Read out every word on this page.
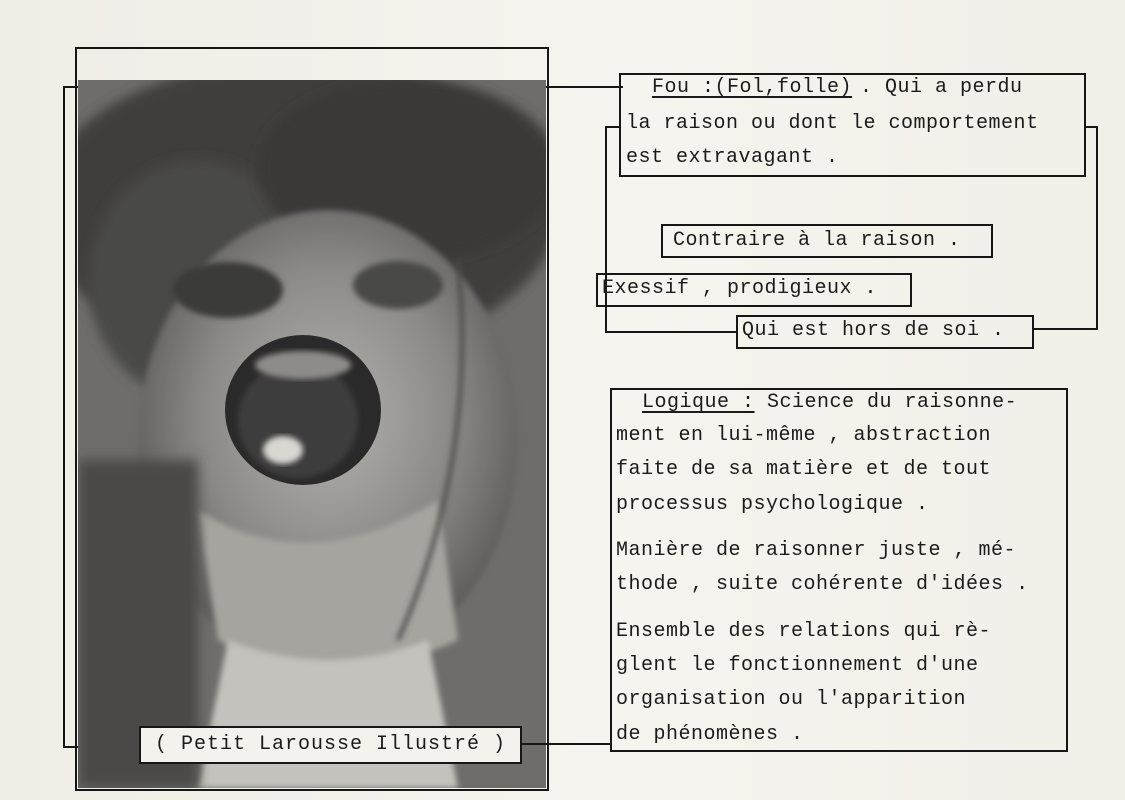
( Petit Larousse Illustré )
Fou :(Fol,folle) . Qui a perdu
la raison ou dont le comportement
est extravagant .
Contraire à la raison .
Exessif , prodigieux .
Qui est hors de soi .
Logique : Science du raisonne-
ment en lui-même , abstraction
faite de sa matière et de tout
processus psychologique .
Manière de raisonner juste , mé-
thode , suite cohérente d'idées .
Ensemble des relations qui rè-
glent le fonctionnement d'une
organisation ou l'apparition
de phénomènes .
